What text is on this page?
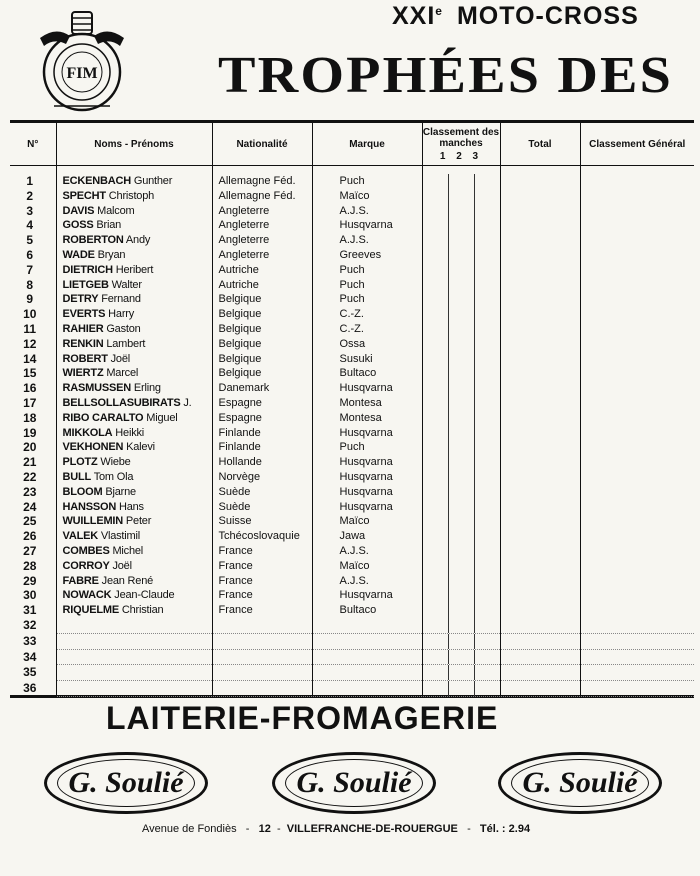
FIM
XXIe MOTO-CROSS
TROPHÉES DES
N°	Noms - Prénoms	Nationalité	Marque	Classement des manches
1 2 3	Total	Classement Général
1	ECKENBACH Gunther	Allemagne Féd.	Puch	

2	SPECHT Christoph	Allemagne Féd.	Maïco	

3	DAVIS Malcom	Angleterre	A.J.S.	

4	GOSS Brian	Angleterre	Husqvarna	

5	ROBERTON Andy	Angleterre	A.J.S.	

6	WADE Bryan	Angleterre	Greeves	

7	DIETRICH Heribert	Autriche	Puch	

8	LIETGEB Walter	Autriche	Puch	

9	DETRY Fernand	Belgique	Puch	

10	EVERTS Harry	Belgique	C.-Z.	

11	RAHIER Gaston	Belgique	C.-Z.	

12	RENKIN Lambert	Belgique	Ossa	

14	ROBERT Joël	Belgique	Susuki	

15	WIERTZ Marcel	Belgique	Bultaco	

16	RASMUSSEN Erling	Danemark	Husqvarna	

17	BELLSOLLASUBIRATS J.	Espagne	Montesa	

18	RIBO CARALTO Miguel	Espagne	Montesa	

19	MIKKOLA Heikki	Finlande	Husqvarna	

20	VEKHONEN Kalevi	Finlande	Puch	

21	PLOTZ Wiebe	Hollande	Husqvarna	

22	BULL Tom Ola	Norvège	Husqvarna	

23	BLOOM Bjarne	Suède	Husqvarna	

24	HANSSON Hans	Suède	Husqvarna	

25	WUILLEMIN Peter	Suisse	Maïco	

26	VALEK Vlastimil	Tchécoslovaquie	Jawa	

27	COMBES Michel	France	A.J.S.	

28	CORROY Joël	France	Maïco	

29	FABRE Jean René	France	A.J.S.	

30	NOWACK Jean-Claude	France	Husqvarna	

31	RIQUELME Christian	France	Bultaco	

32				

33				

34				

35				

36				

LAITERIE-FROMAGERIE
G. Soulié	G. Soulié	G. Soulié
Avenue de Fondiès - 12 - VILLEFRANCHE-DE-ROUERGUE - Tél. : 2.94
